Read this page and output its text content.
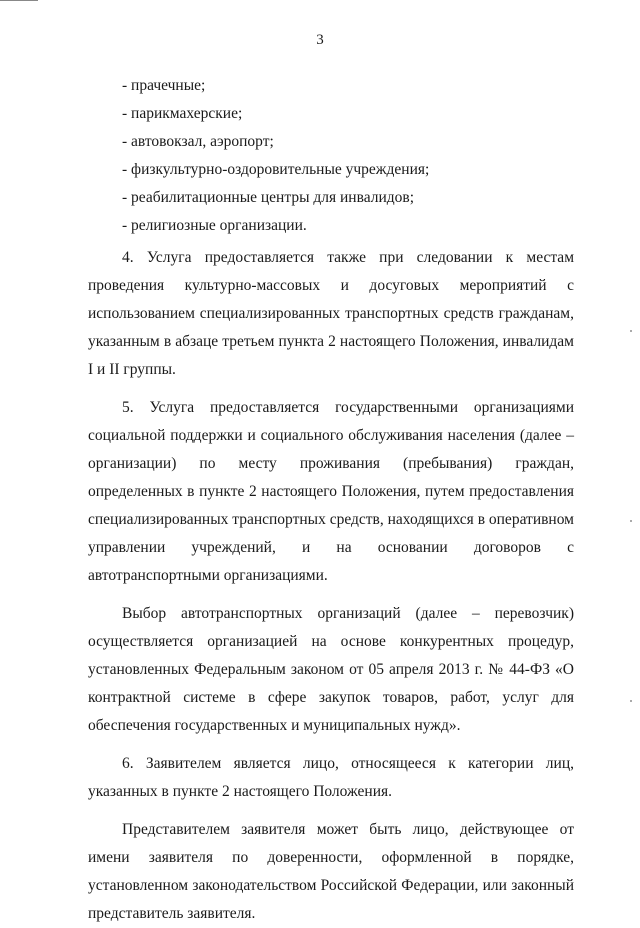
3
- прачечные;
- парикмахерские;
- автовокзал, аэропорт;
- физкультурно-оздоровительные учреждения;
- реабилитационные центры для инвалидов;
- религиозные организации.

4. Услуга предоставляется также при следовании к местам проведения культурно-массовых и досуговых мероприятий с использованием специализированных транспортных средств гражданам, указанным в абзаце третьем пункта 2 настоящего Положения, инвалидам I и II группы.

5. Услуга предоставляется государственными организациями социальной поддержки и социального обслуживания населения (далее – организации) по месту проживания (пребывания) граждан, определенных в пункте 2 настоящего Положения, путем предоставления специализированных транспортных средств, находящихся в оперативном управлении учреждений, и на основании договоров с автотранспортными организациями.

Выбор автотранспортных организаций (далее – перевозчик) осуществляется организацией на основе конкурентных процедур, установленных Федеральным законом от 05 апреля 2013 г. № 44-ФЗ «О контрактной системе в сфере закупок товаров, работ, услуг для обеспечения государственных и муниципальных нужд».

6. Заявителем является лицо, относящееся к категории лиц, указанных в пункте 2 настоящего Положения.

Представителем заявителя может быть лицо, действующее от имени заявителя по доверенности, оформленной в порядке, установленном законодательством Российской Федерации, или законный представитель заявителя.
